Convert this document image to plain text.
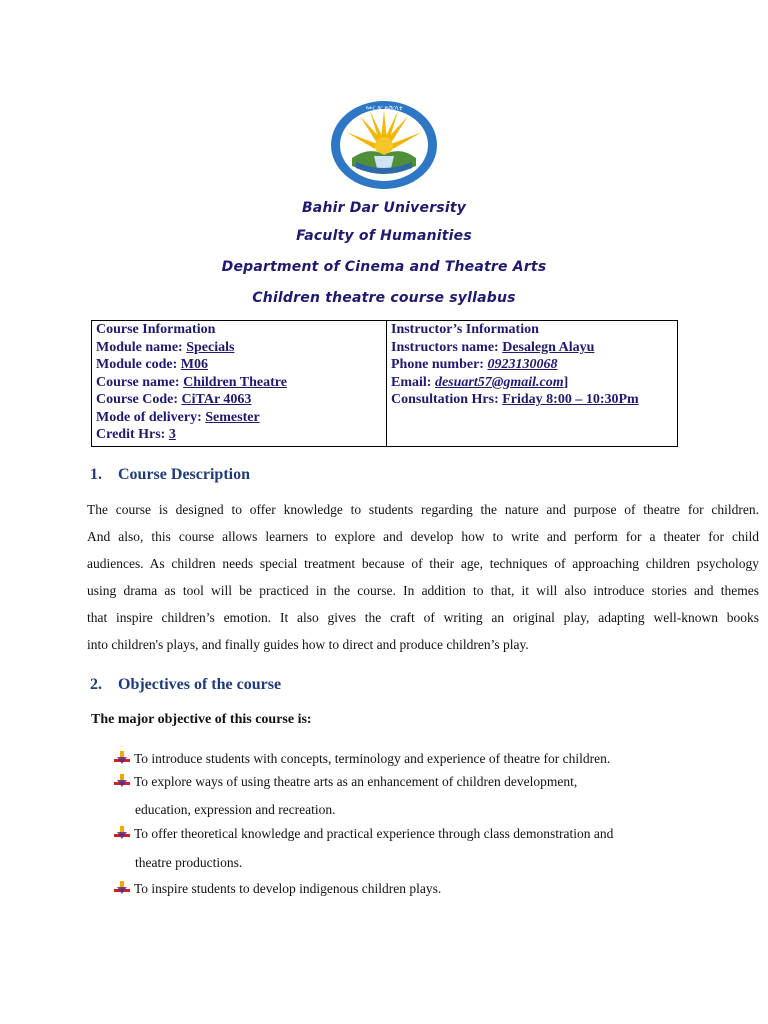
ባሕር ዳር ዩኒቨርሲቲ
Bahir Dar University
Faculty of Humanities
Department of Cinema and Theatre Arts
Children theatre course syllabus
Course Information
Module name: Specials
Module code: M06
Course name: Children Theatre
Course Code: CiTAr 4063
Mode of delivery: Semester
Credit Hrs: 3

Instructor’s Information
Instructors name: Desalegn Alayu
Phone number: 0923130068
Email: desuart57@gmail.com]
Consultation Hrs: Friday 8:00 – 10:30Pm
1. Course Description
The course is designed to offer knowledge to students regarding the nature and purpose of theatre for children.
And also, this course allows learners to explore and develop how to write and perform for a theater for child
audiences. As children needs special treatment because of their age, techniques of approaching children psychology
using drama as tool will be practiced in the course. In addition to that, it will also introduce stories and themes
that inspire children’s emotion. It also gives the craft of writing an original play, adapting well-known books
into children's plays, and finally guides how to direct and produce children’s play.
2. Objectives of the course
The major objective of this course is:
To introduce students with concepts, terminology and experience of theatre for children.
To explore ways of using theatre arts as an enhancement of children development,
education, expression and recreation.
To offer theoretical knowledge and practical experience through class demonstration and
theatre productions.
To inspire students to develop indigenous children plays.
